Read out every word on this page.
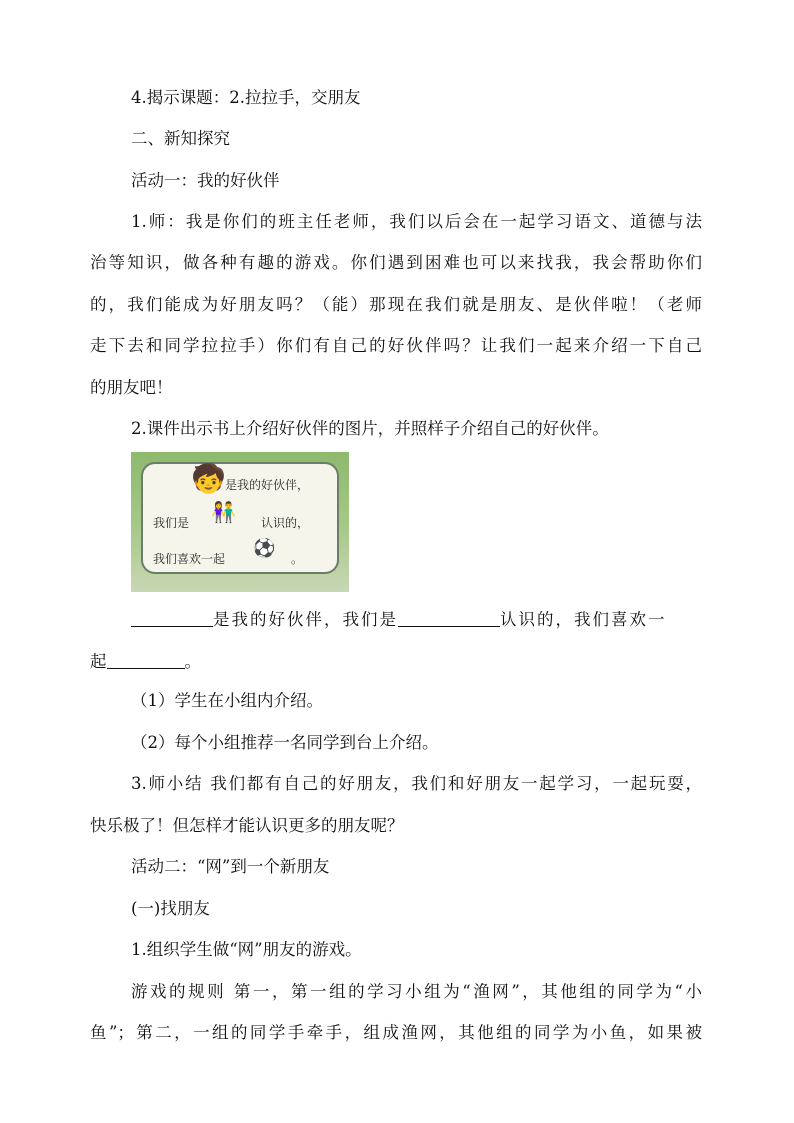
4.揭示课题：2.拉拉手，交朋友

二、新知探究

活动一：我的好伙伴

1.师：我是你们的班主任老师，我们以后会在一起学习语文、道德与法

治等知识，做各种有趣的游戏。你们遇到困难也可以来找我，我会帮助你们

的，我们能成为好朋友吗？（能）那现在我们就是朋友、是伙伴啦！（老师

走下去和同学拉拉手）你们有自己的好伙伴吗？让我们一起来介绍一下自己

的朋友吧！

2.课件出示书上介绍好伙伴的图片，并照样子介绍自己的好伙伴。

🧒
👫
⚽
是我的好伙伴，
我们是	认识的，
我们喜欢一起	。

是我的好伙伴，我们是	认识的，我们喜欢一

起	。

（1）学生在小组内介绍。

（2）每个小组推荐一名同学到台上介绍。

3.师小结 我们都有自己的好朋友，我们和好朋友一起学习，一起玩耍，

快乐极了！但怎样才能认识更多的朋友呢？

活动二：“网”到一个新朋友

(一)找朋友

1.组织学生做“网”朋友的游戏。

游戏的规则 第一，第一组的学习小组为“渔网”，其他组的同学为“小

鱼”；第二，一组的同学手牵手，组成渔网，其他组的同学为小鱼，如果被
